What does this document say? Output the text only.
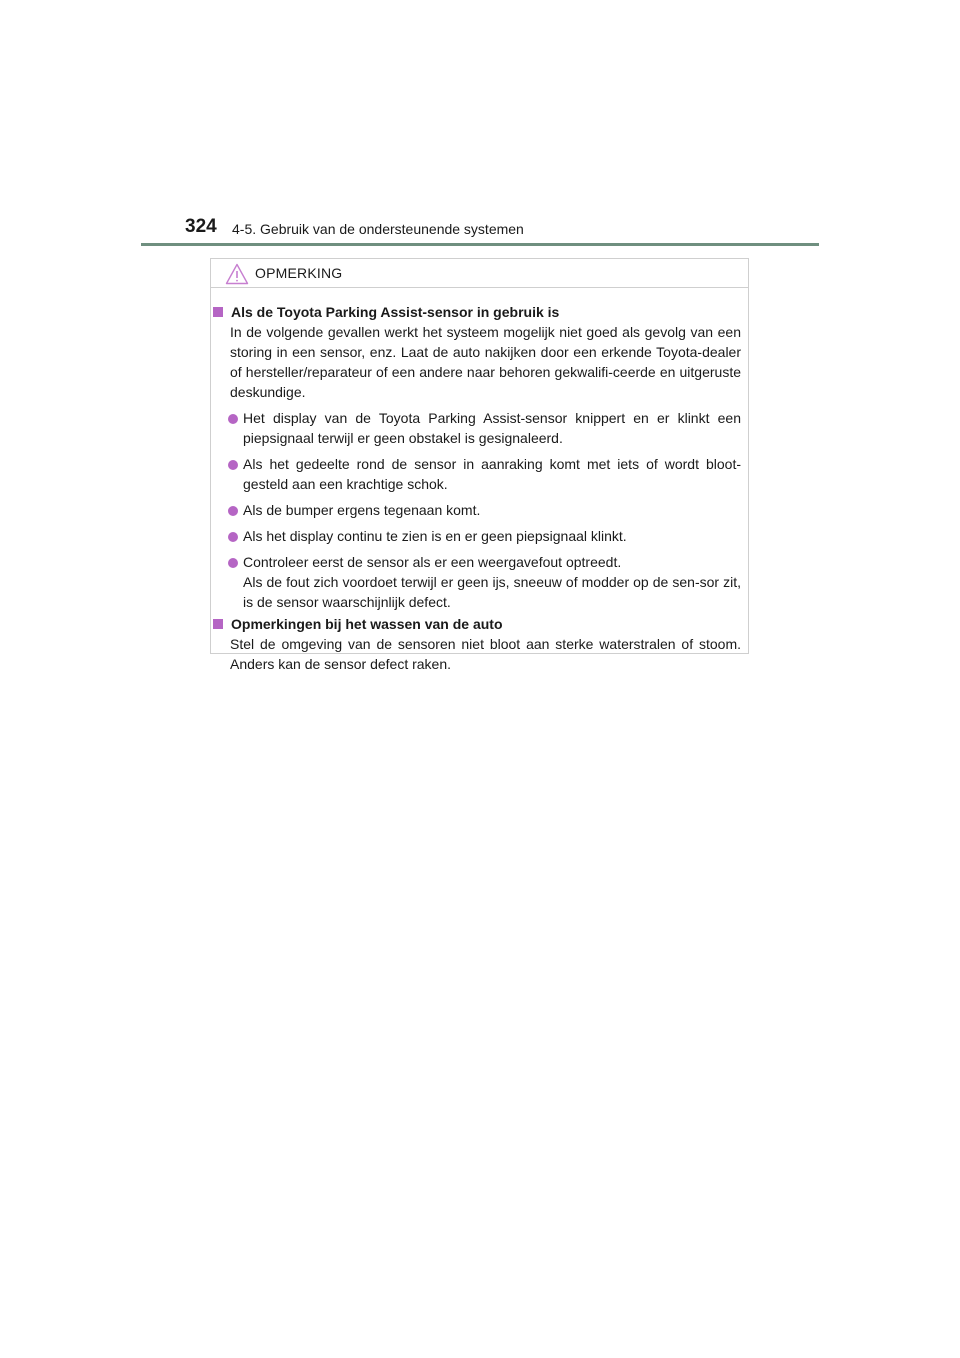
324 4-5. Gebruik van de ondersteunende systemen
OPMERKING
Als de Toyota Parking Assist-sensor in gebruik is
In de volgende gevallen werkt het systeem mogelijk niet goed als gevolg van een storing in een sensor, enz. Laat de auto nakijken door een erkende Toyota-dealer of hersteller/reparateur of een andere naar behoren gekwalifi-ceerde en uitgeruste deskundige.
Het display van de Toyota Parking Assist-sensor knippert en er klinkt een piepsignaal terwijl er geen obstakel is gesignaleerd.
Als het gedeelte rond de sensor in aanraking komt met iets of wordt bloot-gesteld aan een krachtige schok.
Als de bumper ergens tegenaan komt.
Als het display continu te zien is en er geen piepsignaal klinkt.
Controleer eerst de sensor als er een weergavefout optreedt.
Als de fout zich voordoet terwijl er geen ijs, sneeuw of modder op de sen-sor zit, is de sensor waarschijnlijk defect.
Opmerkingen bij het wassen van de auto
Stel de omgeving van de sensoren niet bloot aan sterke waterstralen of stoom. Anders kan de sensor defect raken.
